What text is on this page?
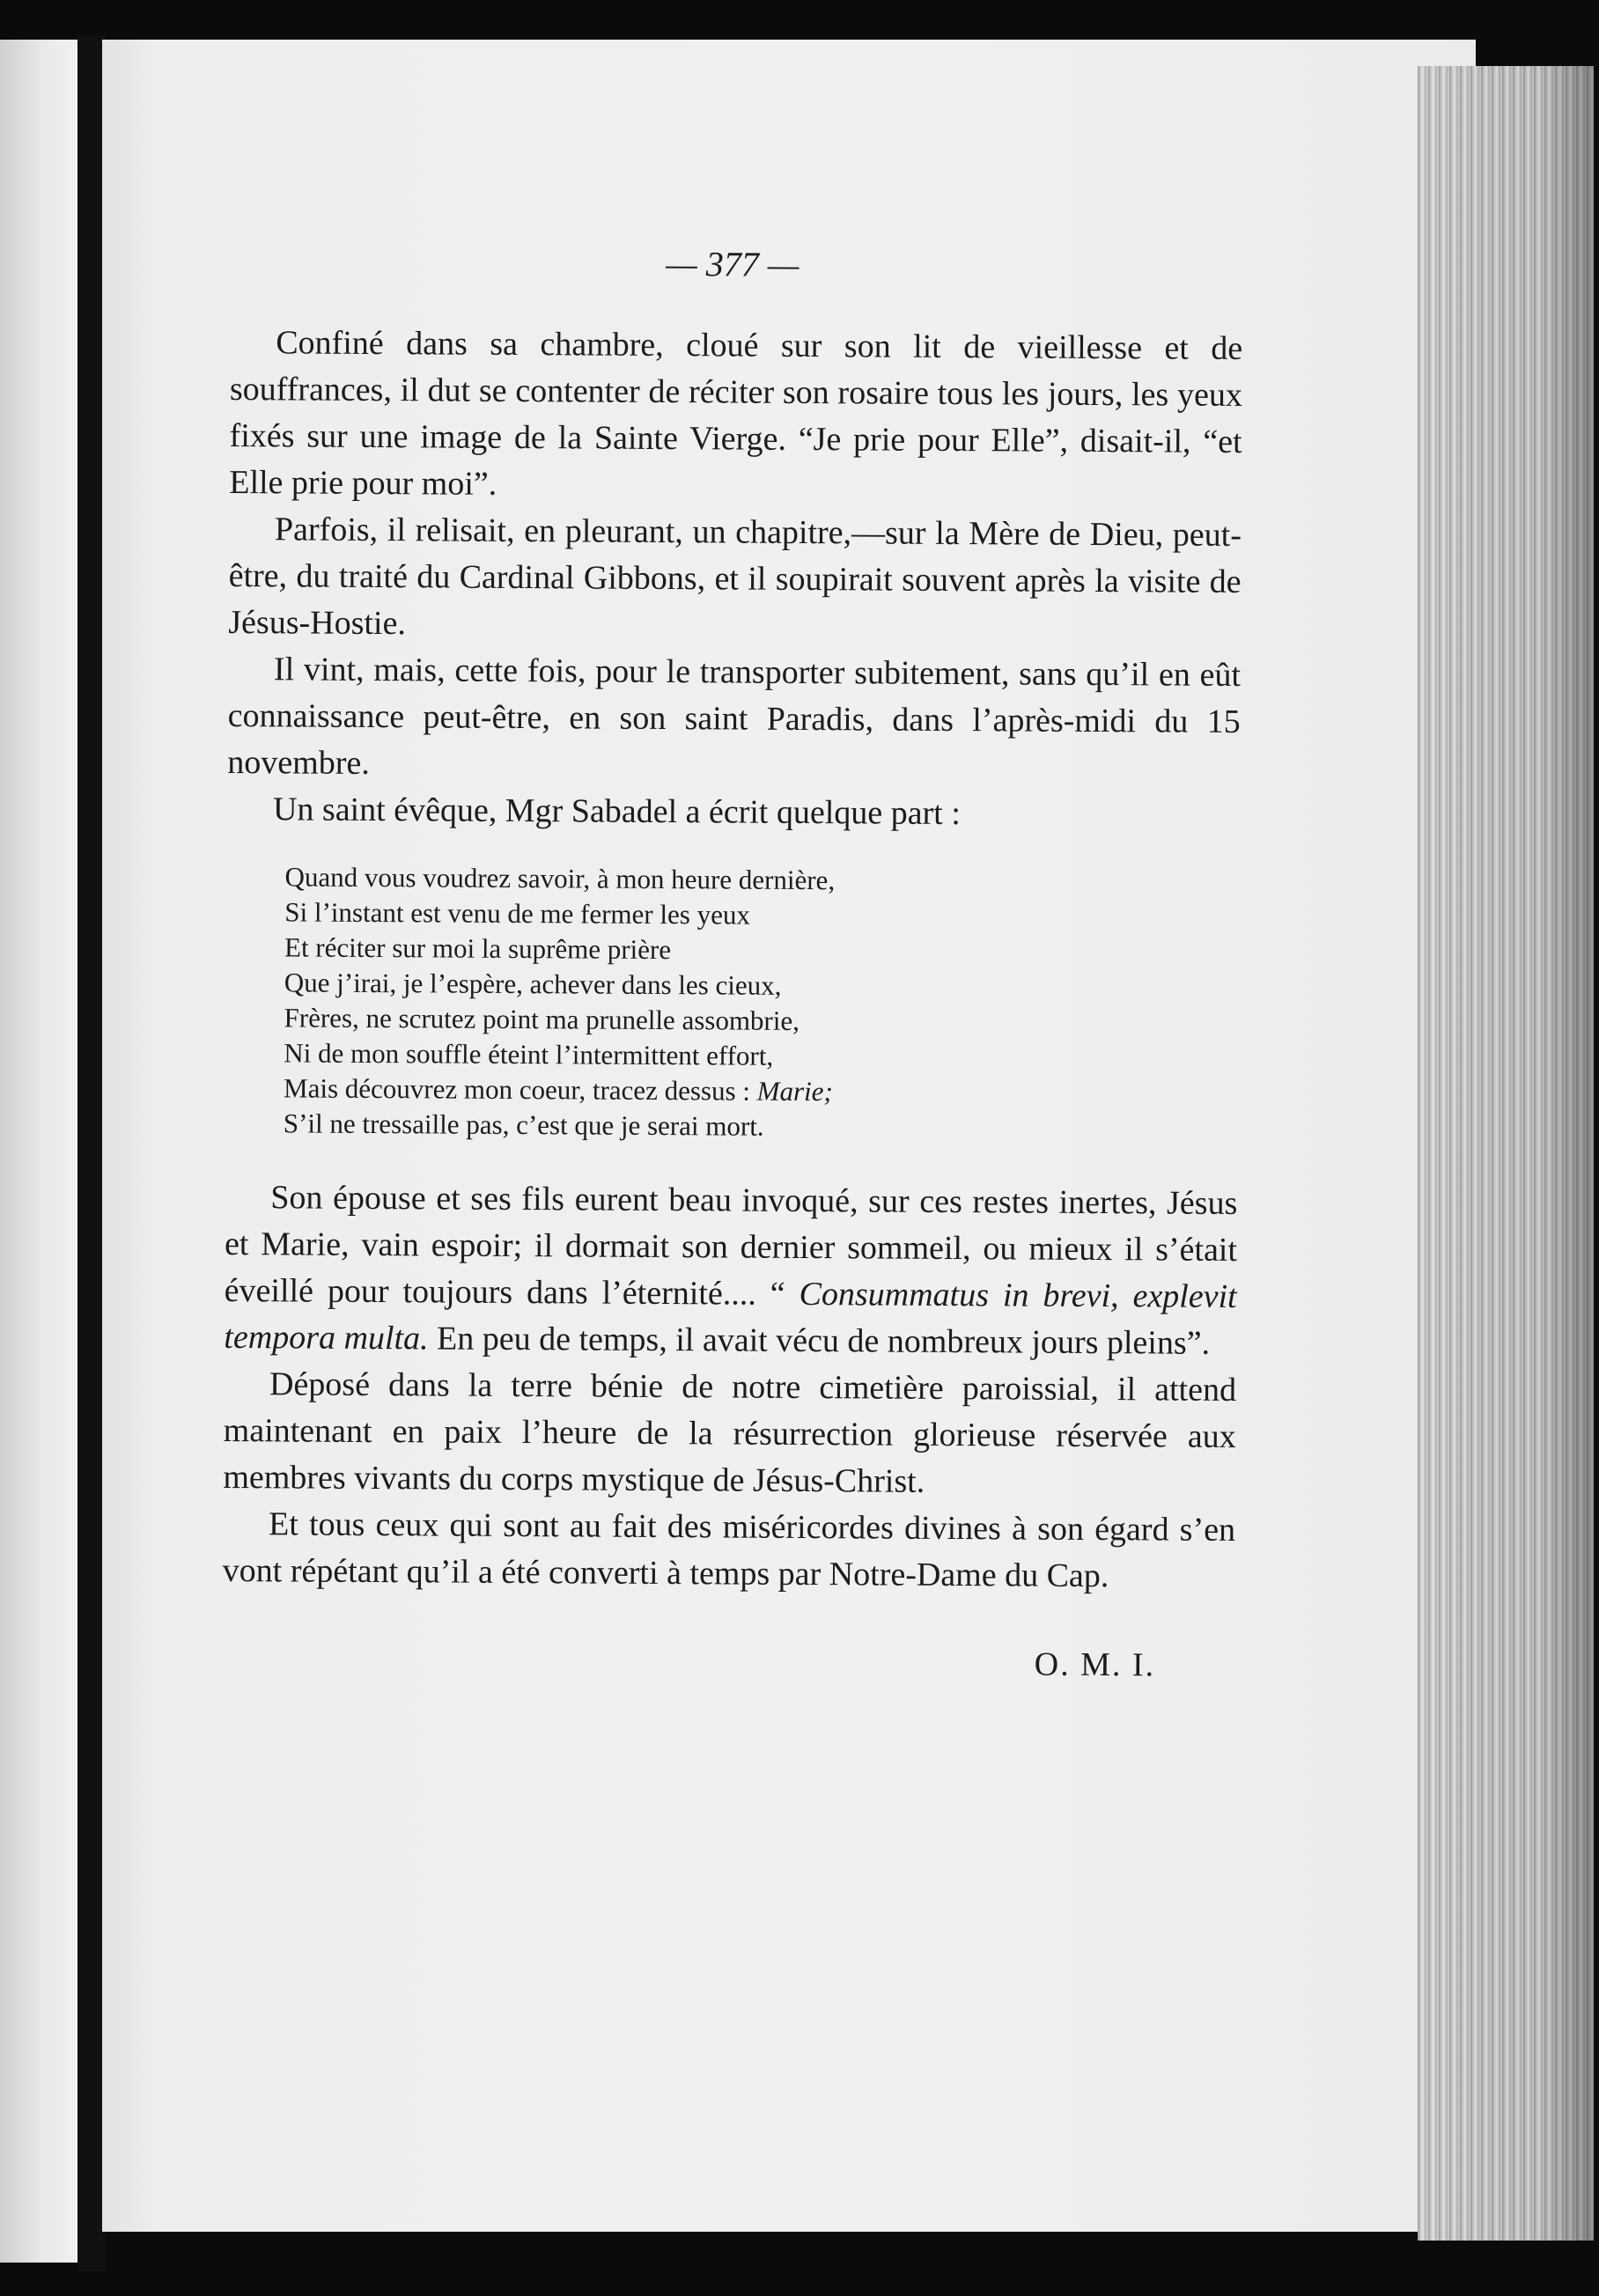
— 377 —

Confiné dans sa chambre, cloué sur son lit de vieillesse et de souffrances, il dut se contenter de réciter son rosaire tous les jours, les yeux fixés sur une image de la Sainte Vierge. “Je prie pour Elle”, disait-il, “et Elle prie pour moi”.

Parfois, il relisait, en pleurant, un chapitre,—sur la Mère de Dieu, peut-être, du traité du Cardinal Gibbons, et il soupirait souvent après la visite de Jésus-Hostie.

Il vint, mais, cette fois, pour le transporter subitement, sans qu’il en eût connaissance peut-être, en son saint Paradis, dans l’après-midi du 15 novembre.

Un saint évêque, Mgr Sabadel a écrit quelque part :

Quand vous voudrez savoir, à mon heure dernière,
Si l’instant est venu de me fermer les yeux
Et réciter sur moi la suprême prière
Que j’irai, je l’espère, achever dans les cieux,
Frères, ne scrutez point ma prunelle assombrie,
Ni de mon souffle éteint l’intermittent effort,
Mais découvrez mon coeur, tracez dessus : Marie;
S’il ne tressaille pas, c’est que je serai mort.

Son épouse et ses fils eurent beau invoqué, sur ces restes inertes, Jésus et Marie, vain espoir; il dormait son dernier sommeil, ou mieux il s’était éveillé pour toujours dans l’éternité.... “ Consummatus in brevi, explevit tempora multa. En peu de temps, il avait vécu de nombreux jours pleins”.

Déposé dans la terre bénie de notre cimetière paroissial, il attend maintenant en paix l’heure de la résurrection glorieuse réservée aux membres vivants du corps mystique de Jésus-Christ.

Et tous ceux qui sont au fait des miséricordes divines à son égard s’en vont répétant qu’il a été converti à temps par Notre-Dame du Cap.

O. M. I.
